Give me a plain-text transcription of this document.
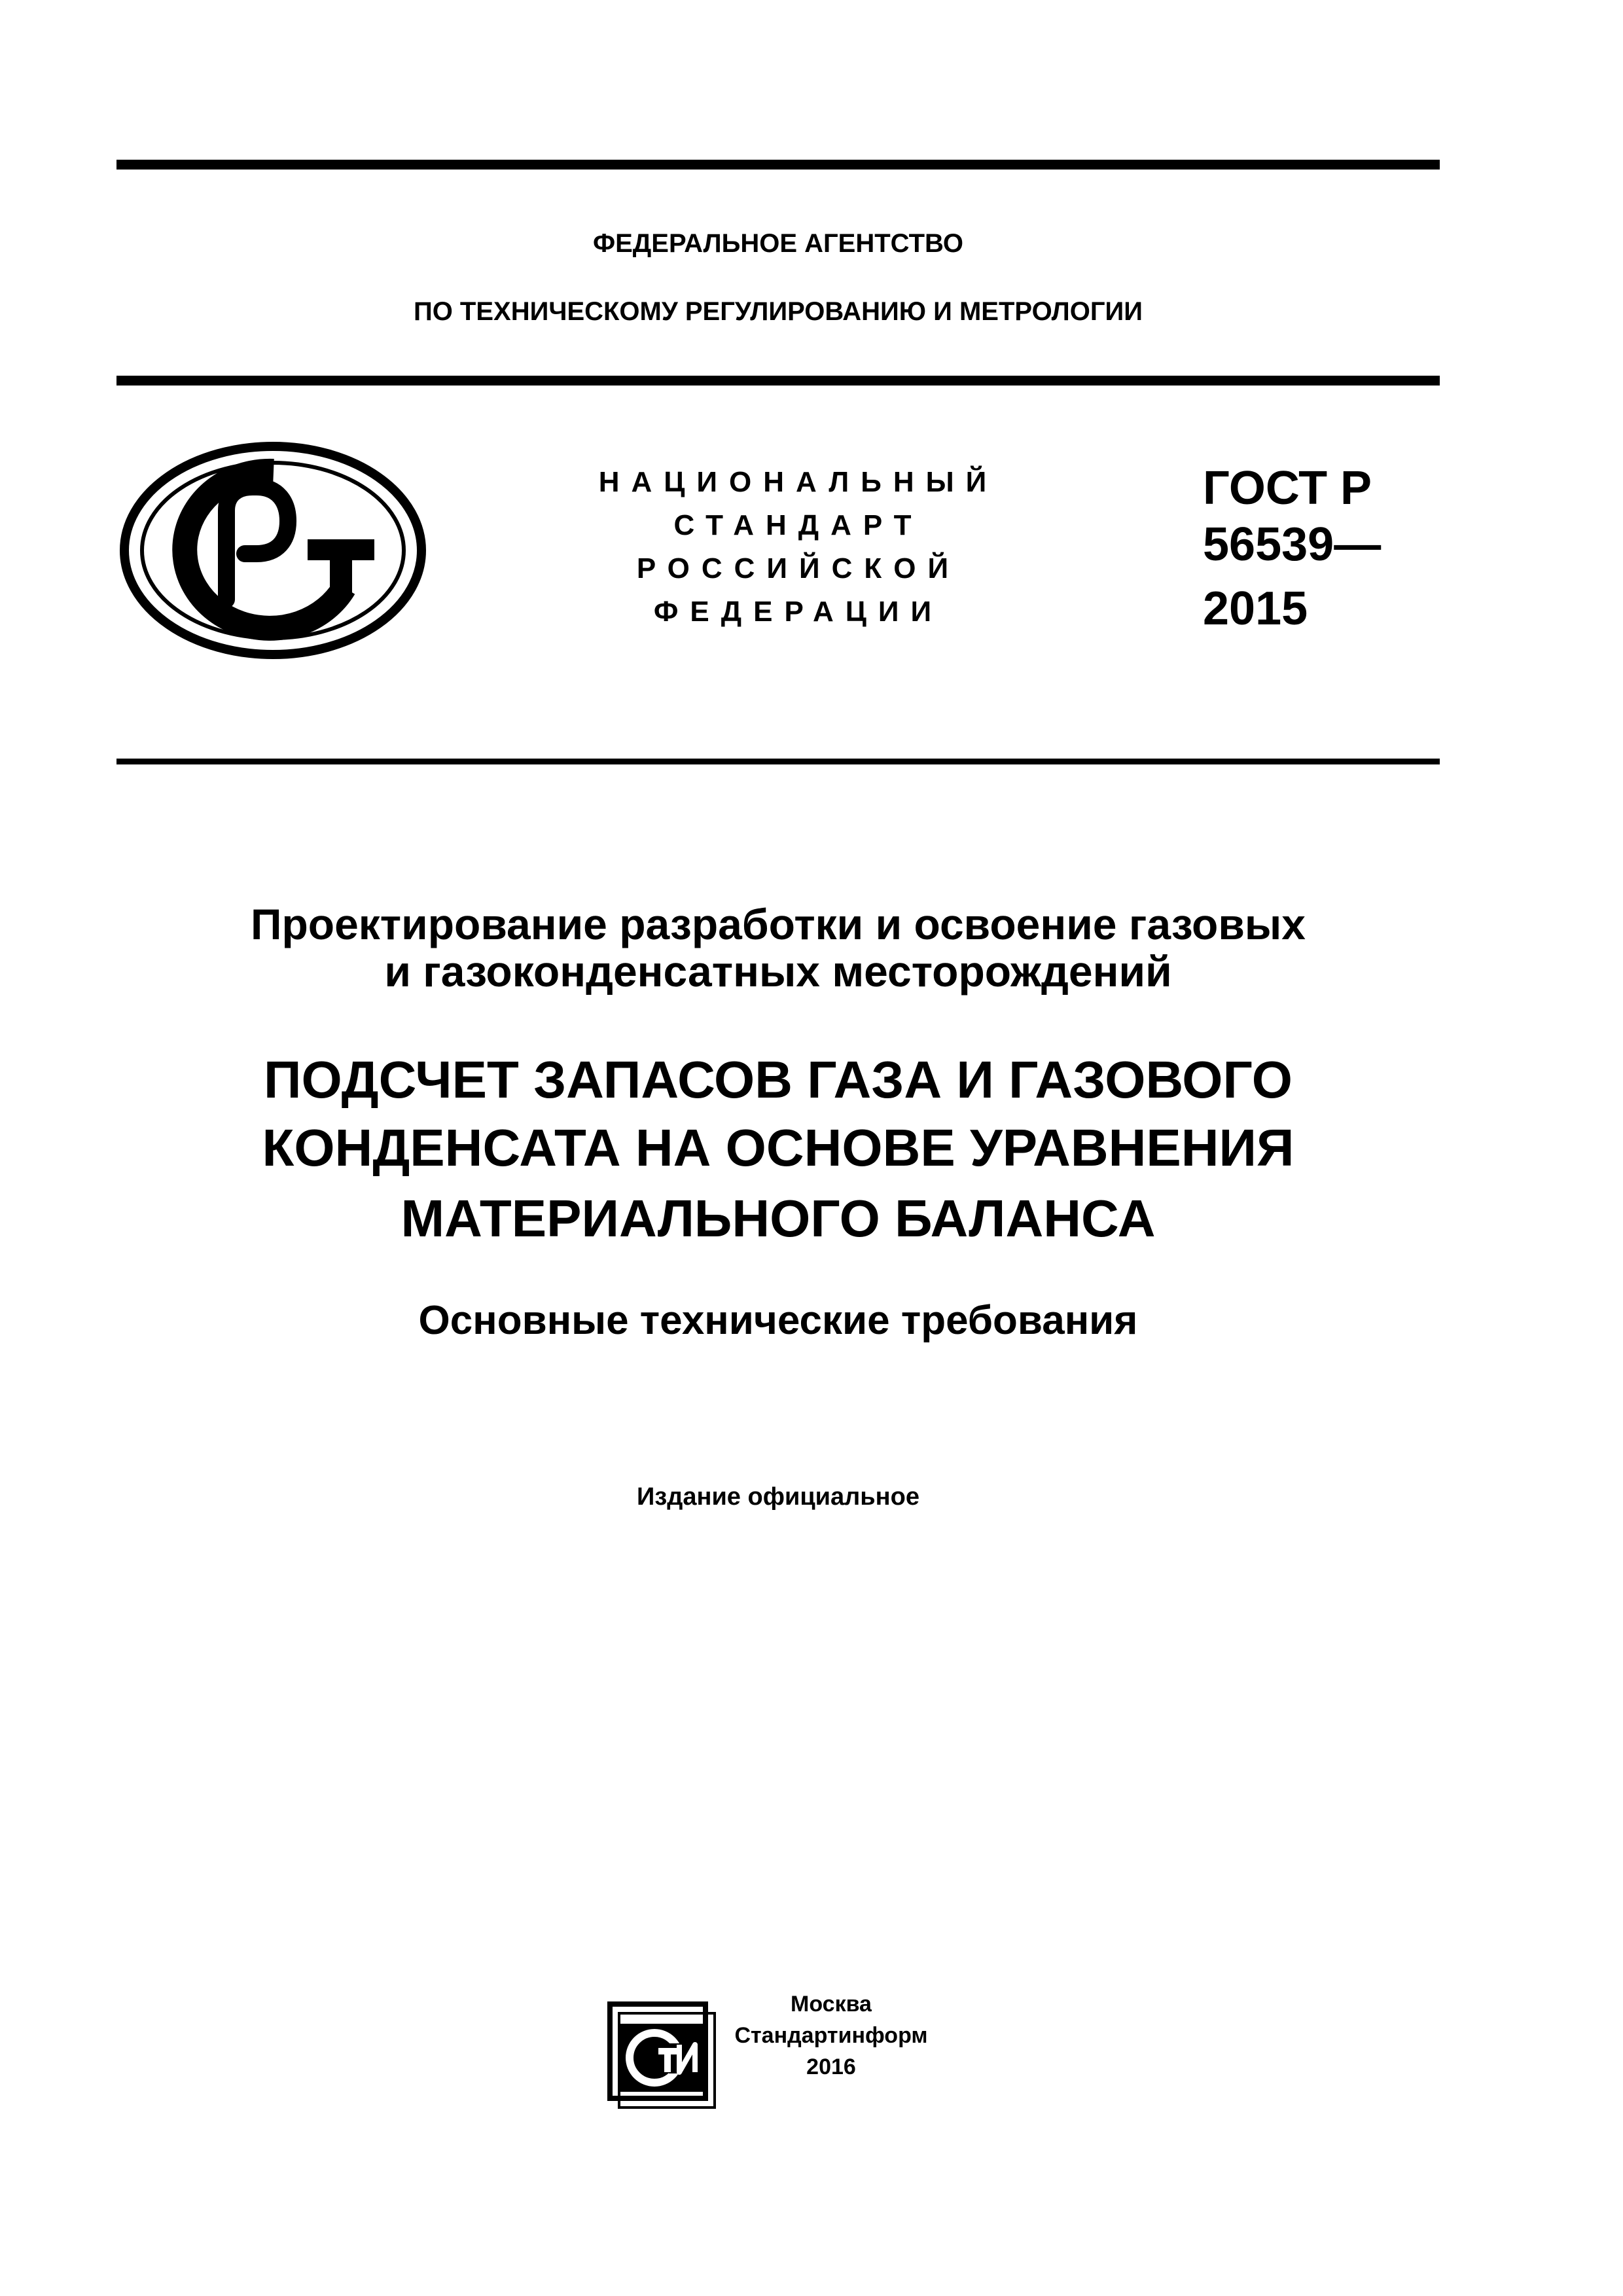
ФЕДЕРАЛЬНОЕ АГЕНТСТВО
ПО ТЕХНИЧЕСКОМУ РЕГУЛИРОВАНИЮ И МЕТРОЛОГИИ
НАЦИОНАЛЬНЫЙ
СТАНДАРТ
РОССИЙСКОЙ
ФЕДЕРАЦИИ
ГОСТ Р
56539—
2015
Проектирование разработки и освоение газовых
и газоконденсатных месторождений
ПОДСЧЕТ ЗАПАСОВ ГАЗА И ГАЗОВОГО
КОНДЕНСАТА НА ОСНОВЕ УРАВНЕНИЯ
МАТЕРИАЛЬНОГО БАЛАНСА
Основные технические требования
Издание официальное
Москва
Стандартинформ
2016
